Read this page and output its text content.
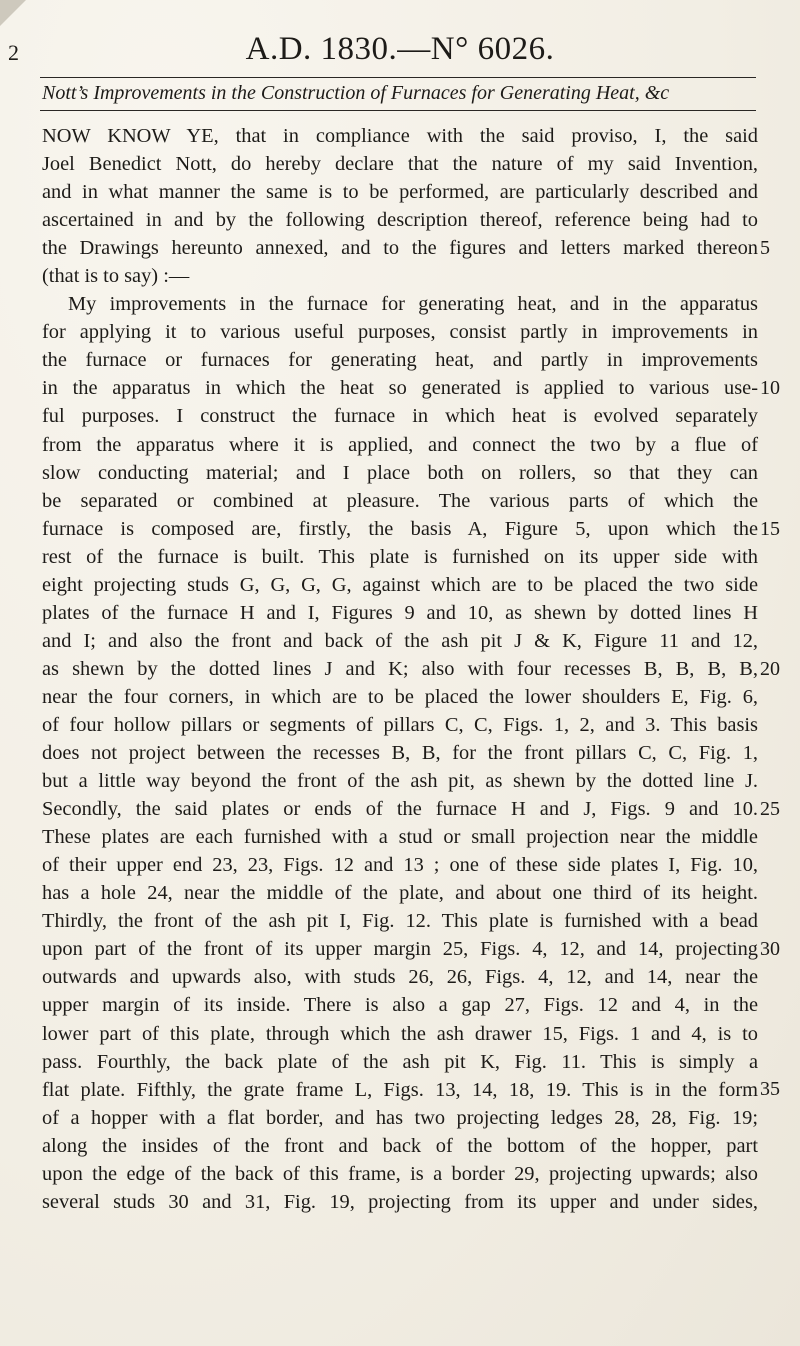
2	A.D. 1830.—N° 6026.
Nott’s Improvements in the Construction of Furnaces for Generating Heat, &c
NOW KNOW YE, that in compliance with the said proviso, I, the said
Joel Benedict Nott, do hereby declare that the nature of my said Invention,
and in what manner the same is to be performed, are particularly described and
ascertained in and by the following description thereof, reference being had to
the Drawings hereunto annexed, and to the figures and letters marked thereon
(that is to say) :—
My improvements in the furnace for generating heat, and in the apparatus
for applying it to various useful purposes, consist partly in improvements in
the furnace or furnaces for generating heat, and partly in improvements
in the apparatus in which the heat so generated is applied to various use-
ful purposes. I construct the furnace in which heat is evolved separately
from the apparatus where it is applied, and connect the two by a flue of
slow conducting material; and I place both on rollers, so that they can
be separated or combined at pleasure. The various parts of which the
furnace is composed are, firstly, the basis A, Figure 5, upon which the
rest of the furnace is built. This plate is furnished on its upper side with
eight projecting studs G, G, G, G, against which are to be placed the two side
plates of the furnace H and I, Figures 9 and 10, as shewn by dotted lines H
and I; and also the front and back of the ash pit J & K, Figure 11 and 12,
as shewn by the dotted lines J and K; also with four recesses B, B, B, B,
near the four corners, in which are to be placed the lower shoulders E, Fig. 6,
of four hollow pillars or segments of pillars C, C, Figs. 1, 2, and 3. This basis
does not project between the recesses B, B, for the front pillars C, C, Fig. 1,
but a little way beyond the front of the ash pit, as shewn by the dotted line J.
Secondly, the said plates or ends of the furnace H and J, Figs. 9 and 10.
These plates are each furnished with a stud or small projection near the middle
of their upper end 23, 23, Figs. 12 and 13 ; one of these side plates I, Fig. 10,
has a hole 24, near the middle of the plate, and about one third of its height.
Thirdly, the front of the ash pit I, Fig. 12. This plate is furnished with a bead
upon part of the front of its upper margin 25, Figs. 4, 12, and 14, projecting
outwards and upwards also, with studs 26, 26, Figs. 4, 12, and 14, near the
upper margin of its inside. There is also a gap 27, Figs. 12 and 4, in the
lower part of this plate, through which the ash drawer 15, Figs. 1 and 4, is to
pass. Fourthly, the back plate of the ash pit K, Fig. 11. This is simply a
flat plate. Fifthly, the grate frame L, Figs. 13, 14, 18, 19. This is in the form
of a hopper with a flat border, and has two projecting ledges 28, 28, Fig. 19;
along the insides of the front and back of the bottom of the hopper, part
upon the edge of the back of this frame, is a border 29, projecting upwards; also
several studs 30 and 31, Fig. 19, projecting from its upper and under sides,
5
10
15
20
25
30
35
